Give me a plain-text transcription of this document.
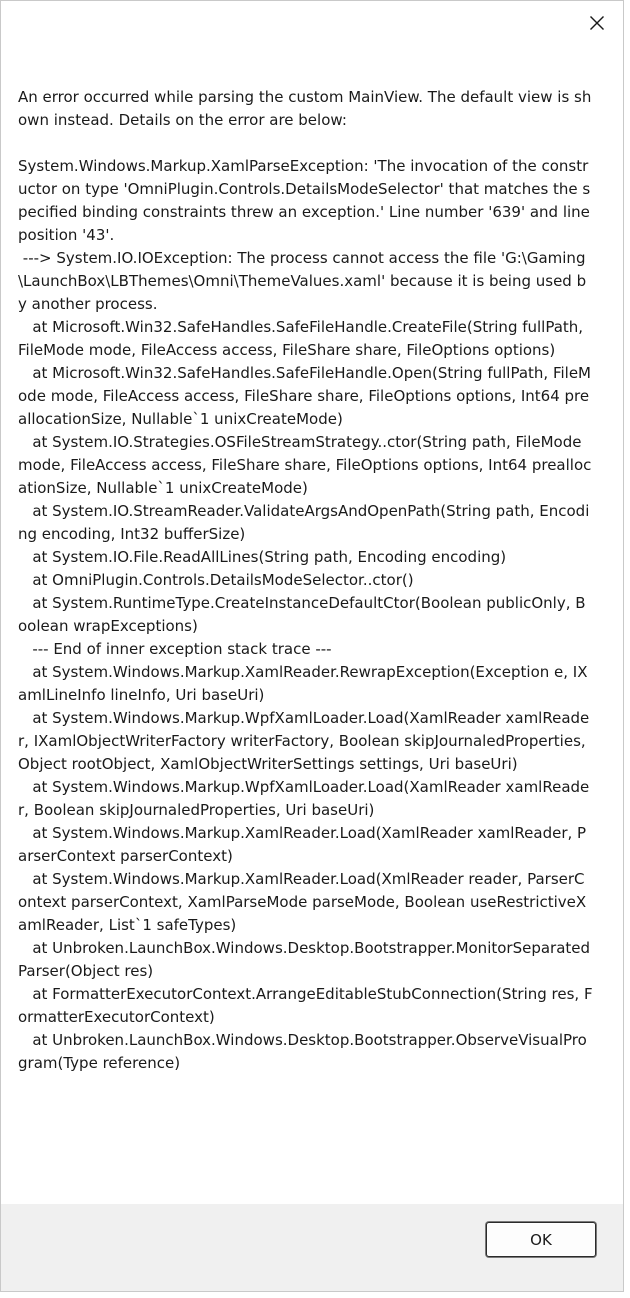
An error occurred while parsing the custom MainView. The default view is shown instead. Details on the error are below:

System.Windows.Markup.XamlParseException: 'The invocation of the constructor on type 'OmniPlugin.Controls.DetailsModeSelector' that matches the specified binding constraints threw an exception.' Line number '639' and line position '43'.
---> System.IO.IOException: The process cannot access the file 'G:\Gaming\LaunchBox\LBThemes\Omni\ThemeValues.xaml' because it is being used by another process.
at Microsoft.Win32.SafeHandles.SafeFileHandle.CreateFile(String fullPath, FileMode mode, FileAccess access, FileShare share, FileOptions options)
at Microsoft.Win32.SafeHandles.SafeFileHandle.Open(String fullPath, FileMode mode, FileAccess access, FileShare share, FileOptions options, Int64 preallocationSize, Nullable`1 unixCreateMode)
at System.IO.Strategies.OSFileStreamStrategy..ctor(String path, FileMode mode, FileAccess access, FileShare share, FileOptions options, Int64 preallocationSize, Nullable`1 unixCreateMode)
at System.IO.StreamReader.ValidateArgsAndOpenPath(String path, Encoding encoding, Int32 bufferSize)
at System.IO.File.ReadAllLines(String path, Encoding encoding)
at OmniPlugin.Controls.DetailsModeSelector..ctor()
at System.RuntimeType.CreateInstanceDefaultCtor(Boolean publicOnly, Boolean wrapExceptions)
--- End of inner exception stack trace ---
at System.Windows.Markup.XamlReader.RewrapException(Exception e, IXamlLineInfo lineInfo, Uri baseUri)
at System.Windows.Markup.WpfXamlLoader.Load(XamlReader xamlReader, IXamlObjectWriterFactory writerFactory, Boolean skipJournaledProperties, Object rootObject, XamlObjectWriterSettings settings, Uri baseUri)
at System.Windows.Markup.WpfXamlLoader.Load(XamlReader xamlReader, Boolean skipJournaledProperties, Uri baseUri)
at System.Windows.Markup.XamlReader.Load(XamlReader xamlReader, ParserContext parserContext)
at System.Windows.Markup.XamlReader.Load(XmlReader reader, ParserContext parserContext, XamlParseMode parseMode, Boolean useRestrictiveXamlReader, List`1 safeTypes)
at Unbroken.LaunchBox.Windows.Desktop.Bootstrapper.MonitorSeparatedParser(Object res)
at FormatterExecutorContext.ArrangeEditableStubConnection(String res, FormatterExecutorContext)
at Unbroken.LaunchBox.Windows.Desktop.Bootstrapper.ObserveVisualProgram(Type reference)

OK
